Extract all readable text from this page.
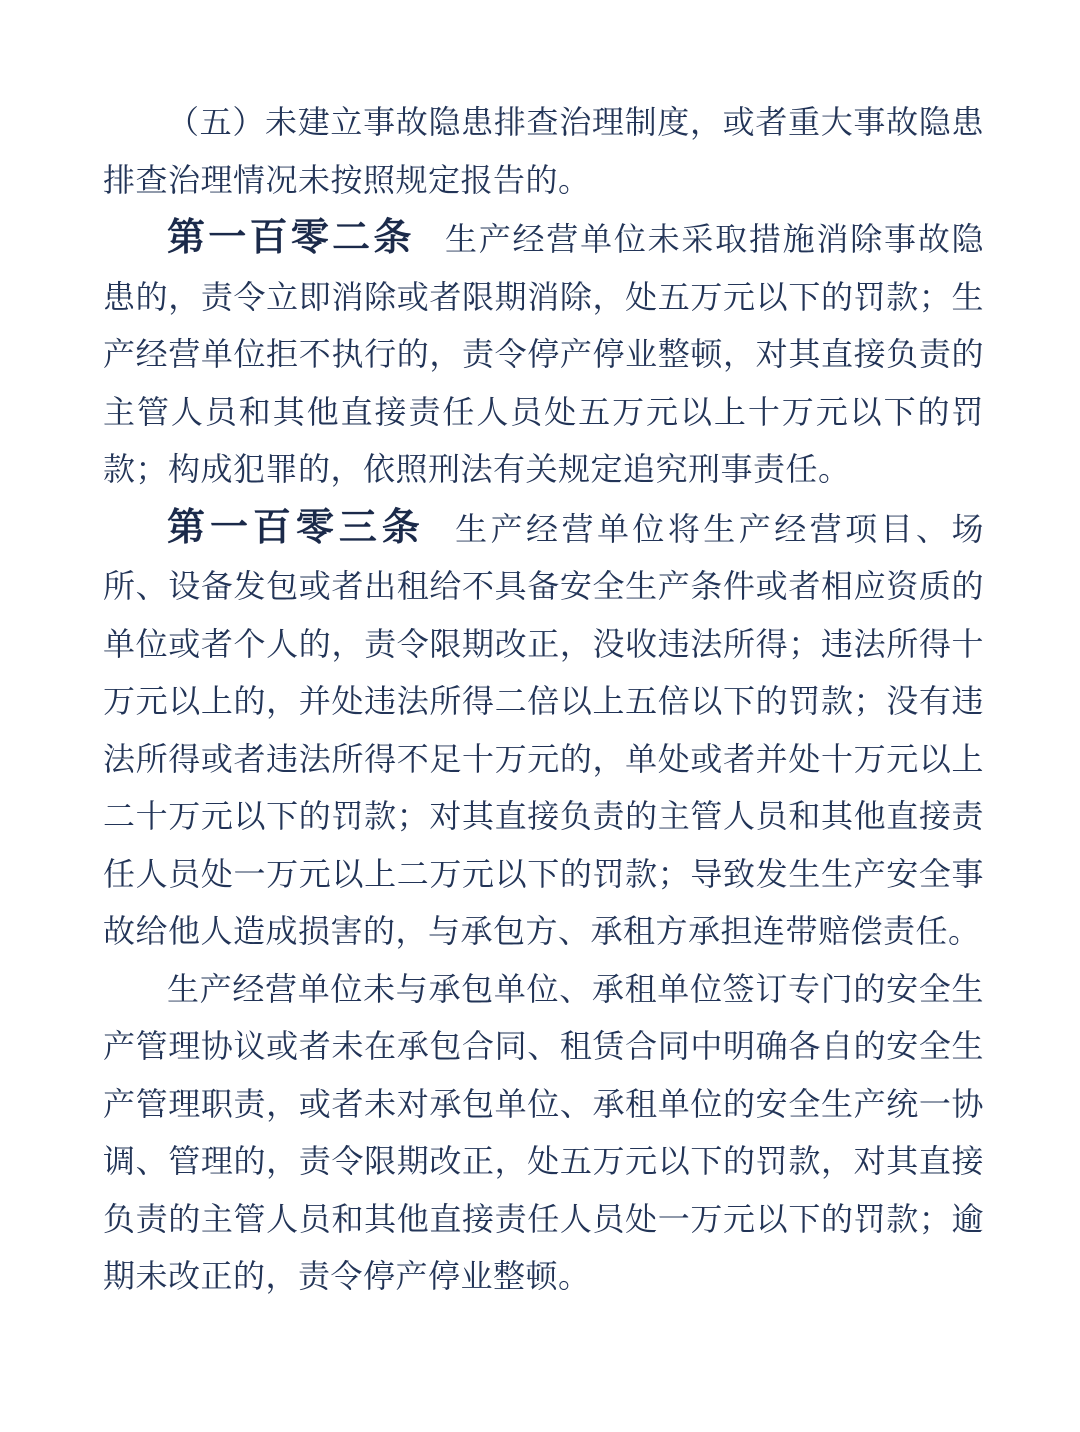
（五）未建立事故隐患排查治理制度，或者重大事故隐患排查治理情况未按照规定报告的。

第一百零二条 生产经营单位未采取措施消除事故隐患的，责令立即消除或者限期消除，处五万元以下的罚款；生产经营单位拒不执行的，责令停产停业整顿，对其直接负责的主管人员和其他直接责任人员处五万元以上十万元以下的罚款；构成犯罪的，依照刑法有关规定追究刑事责任。

第一百零三条 生产经营单位将生产经营项目、场所、设备发包或者出租给不具备安全生产条件或者相应资质的单位或者个人的，责令限期改正，没收违法所得；违法所得十万元以上的，并处违法所得二倍以上五倍以下的罚款；没有违法所得或者违法所得不足十万元的，单处或者并处十万元以上二十万元以下的罚款；对其直接负责的主管人员和其他直接责任人员处一万元以上二万元以下的罚款；导致发生生产安全事故给他人造成损害的，与承包方、承租方承担连带赔偿责任。

生产经营单位未与承包单位、承租单位签订专门的安全生产管理协议或者未在承包合同、租赁合同中明确各自的安全生产管理职责，或者未对承包单位、承租单位的安全生产统一协调、管理的，责令限期改正，处五万元以下的罚款，对其直接负责的主管人员和其他直接责任人员处一万元以下的罚款；逾期未改正的，责令停产停业整顿。
